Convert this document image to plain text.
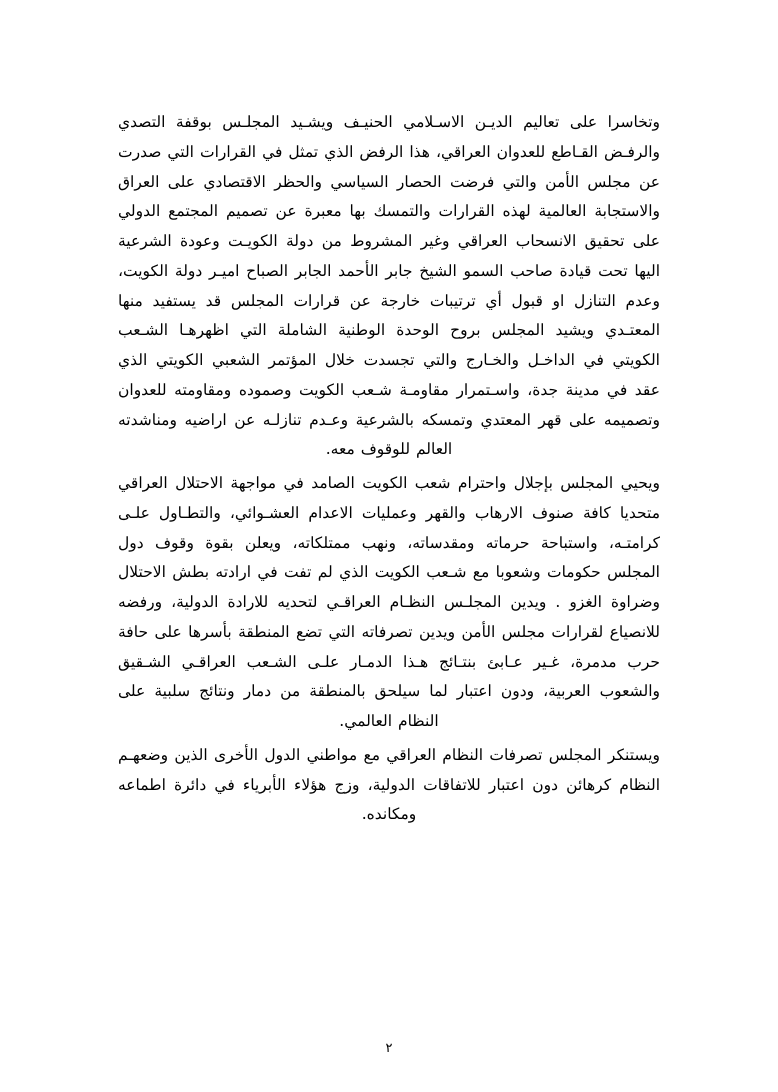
وتخاسرا على تعاليم الديـن الاسـلامي الحنيـف ويشـيد المجلـس بوقفة التصدي والرفـض القـاطع للعدوان العراقي، هذا الرفض الذي تمثل في القرارات التي صدرت عن مجلس الأمن والتي فرضت الحصار السياسي والحظر الاقتصادي على العراق والاستجابة العالمية لهذه القرارات والتمسك بها معبرة عن تصميم المجتمع الدولي على تحقيق الانسحاب العراقي وغير المشروط من دولة الكويـت وعودة الشرعية اليها تحت قيادة صاحب السمو الشيخ جابر الأحمد الجابر الصباح اميـر دولة الكويت، وعدم التنازل او قبول أي ترتيبات خارجة عن قرارات المجلس قد يستفيد منها المعتـدي ويشيد المجلس بروح الوحدة الوطنية الشاملة التي اظهرهـا الشـعب الكويتي في الداخـل والخـارج والتي تجسدت خلال المؤتمر الشعبي الكويتي الذي عقد في مدينة جدة، واسـتمرار مقاومـة شـعب الكويت وصموده ومقاومته للعدوان وتصميمه على قهر المعتدي وتمسكه بالشرعية وعـدم تنازلـه عن اراضيه ومناشدته العالم للوقوف معه.

ويحيي المجلس بإجلال واحترام شعب الكويت الصامد في مواجهة الاحتلال العراقي متحديا كافة صنوف الارهاب والقهر وعمليات الاعدام العشـوائي، والتطـاول علـى كرامتـه، واستباحة حرماته ومقدساته، ونهب ممتلكاته، ويعلن بقوة وقوف دول المجلس حكومات وشعوبا مع شـعب الكويت الذي لم تفت في ارادته بطش الاحتلال وضراوة الغزو . ويدين المجلـس النظـام العراقـي لتحديه للارادة الدولية، ورفضه للانصياع لقرارات مجلس الأمن ويدين تصرفاته التي تضع المنطقة بأسرها على حافة حرب مدمرة، غـير عـابئ بنتـائج هـذا الدمـار علـى الشـعب العراقـي الشـقيق والشعوب العربية، ودون اعتبار لما سيلحق بالمنطقة من دمار ونتائج سلبية على النظام العالمي.

ويستنكر المجلس تصرفات النظام العراقي مع مواطني الدول الأخرى الذين وضعهـم النظام كرهائن دون اعتبار للاتفاقات الدولية، وزج هؤلاء الأبرياء في دائرة اطماعه ومكانده.

٢
